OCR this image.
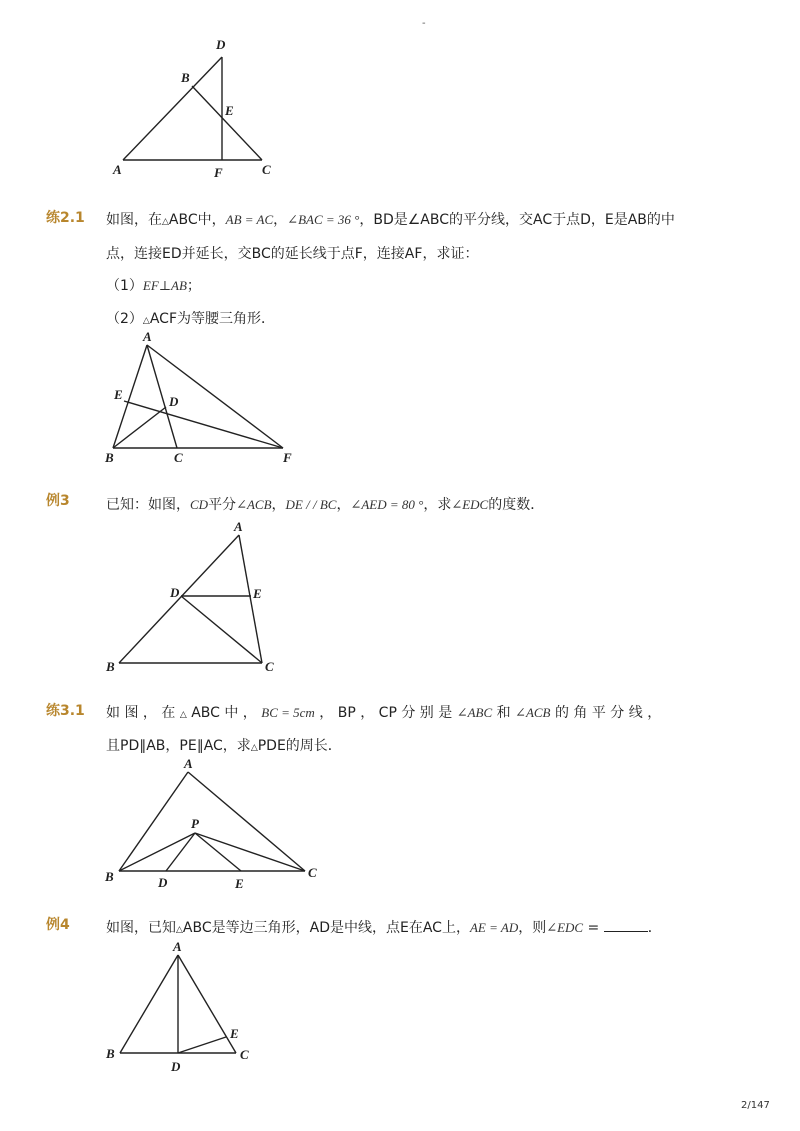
-
D
B
E
A	F	C
练2.1 如图，在△ABC中，AB = AC，∠BAC = 36 °，BD是∠ABC的平分线，交AC于点D，E是AB的中
点，连接ED并延长，交BC的延长线于点F，连接AF，求证：
（1）EF⊥AB；
（2）△ACF为等腰三角形．
A
E	D
B	C	F
例3	已知：如图，CD平分∠ACB，DE / / BC，∠AED = 80 °，求∠EDC的度数．
A
D	E
B	C
练3.1 如 图 ， 在 △ ABC 中 ， BC = 5cm ， BP ， CP 分 别 是 ∠ABC 和 ∠ACB 的 角 平 分 线 ，
且PD∥AB，PE∥AC，求△PDE的周长．
A
P
B	D	E
C
例4	如图，已知△ABC是等边三角形，AD是中线，点E在AC上，AE = AD，则∠EDC =	．
A
E
B
D
C
2/147
